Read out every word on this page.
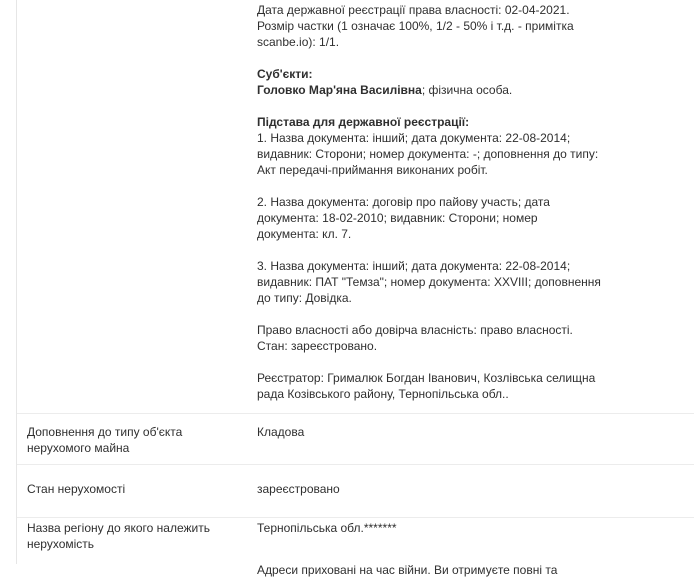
Дата державної реєстрації права власності: 02-04-2021.
Розмір частки (1 означає 100%, 1/2 - 50% і т.д. - примітка scanbe.io): 1/1.

Суб'єкти:
Головко Мар'яна Василівна; фізична особа.

Підстава для державної реєстрації:
1. Назва документа: інший; дата документа: 22-08-2014; видавник: Сторони; номер документа: -; доповнення до типу: Акт передачі-приймання виконаних робіт.

2. Назва документа: договір про пайову участь; дата документа: 18-02-2010; видавник: Сторони; номер документа: кл. 7.

3. Назва документа: інший; дата документа: 22-08-2014; видавник: ПАТ "Темза"; номер документа: XXVIII; доповнення до типу: Довідка.

Право власності або довірча власність: право власності.
Стан: зареєстровано.

Реєстратор: Грималюк Богдан Іванович, Козлівська селищна рада Козівського району, Тернопільська обл..

Доповнення до типу об'єкта нерухомого майна
Кладова
Стан нерухомості	зареєстровано
Назва регіону до якого належить нерухомість
Тернопільська обл.*******
Адреси приховані на час війни. Ви отримуєте повні та
